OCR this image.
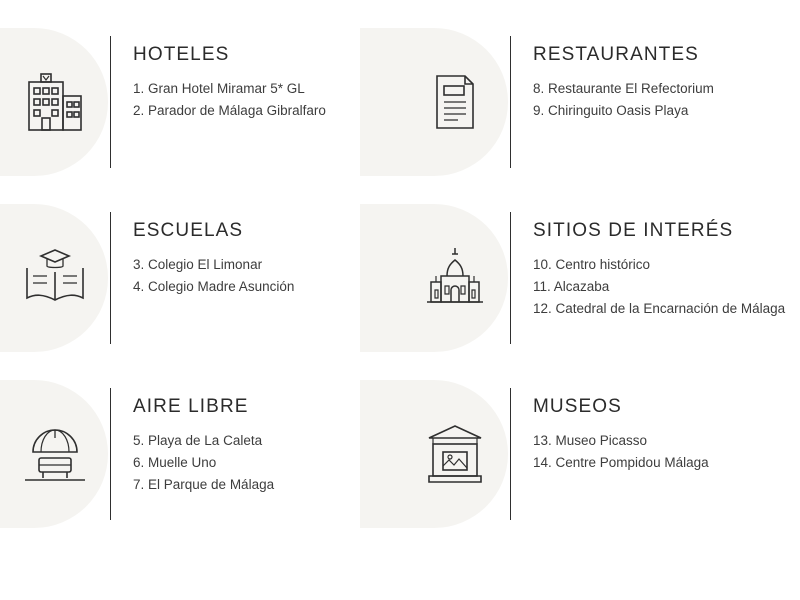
HOTELES
1. Gran Hotel Miramar 5* GL
2. Parador de Málaga Gibralfaro
RESTAURANTES
8. Restaurante El Refectorium
9. Chiringuito Oasis Playa
ESCUELAS
3. Colegio El Limonar
4. Colegio Madre Asunción
SITIOS DE INTERÉS
10. Centro histórico
11. Alcazaba
12. Catedral de la Encarnación de Málaga
AIRE LIBRE
5. Playa de La Caleta
6. Muelle Uno
7. El Parque de Málaga
MUSEOS
13. Museo Picasso
14. Centre Pompidou Málaga
